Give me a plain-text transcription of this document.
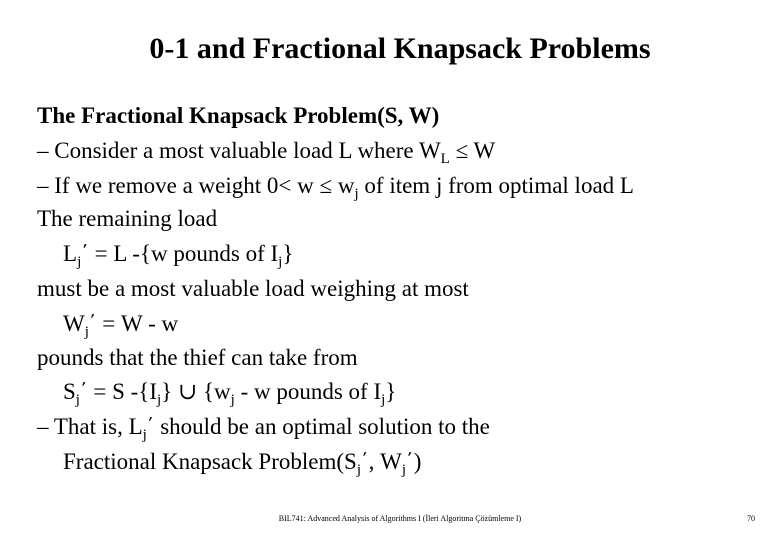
0-1 and Fractional Knapsack Problems
The Fractional Knapsack Problem(S, W)
– Consider a most valuable load L where $W_L \le W$
– If we remove a weight $0< w \le w_j$ of item j from optimal load L
The remaining load
$L_j΄ = L$ -{w pounds of $I_j$}
must be a most valuable load weighing at most
$W_j΄ = W - w$
pounds that the thief can take from
$S_j΄ = S$ $-\{I_j\}$ ∪ {$w_j$ - w pounds of $I_j$}
– That is, $L_j΄$ should be an optimal solution to the
Fractional Knapsack $Problem(S_j΄$, $W_j΄$)
BIL741: Advanced Analysis of Algorithms I (İleri Algoritma Çözümleme I)	70
